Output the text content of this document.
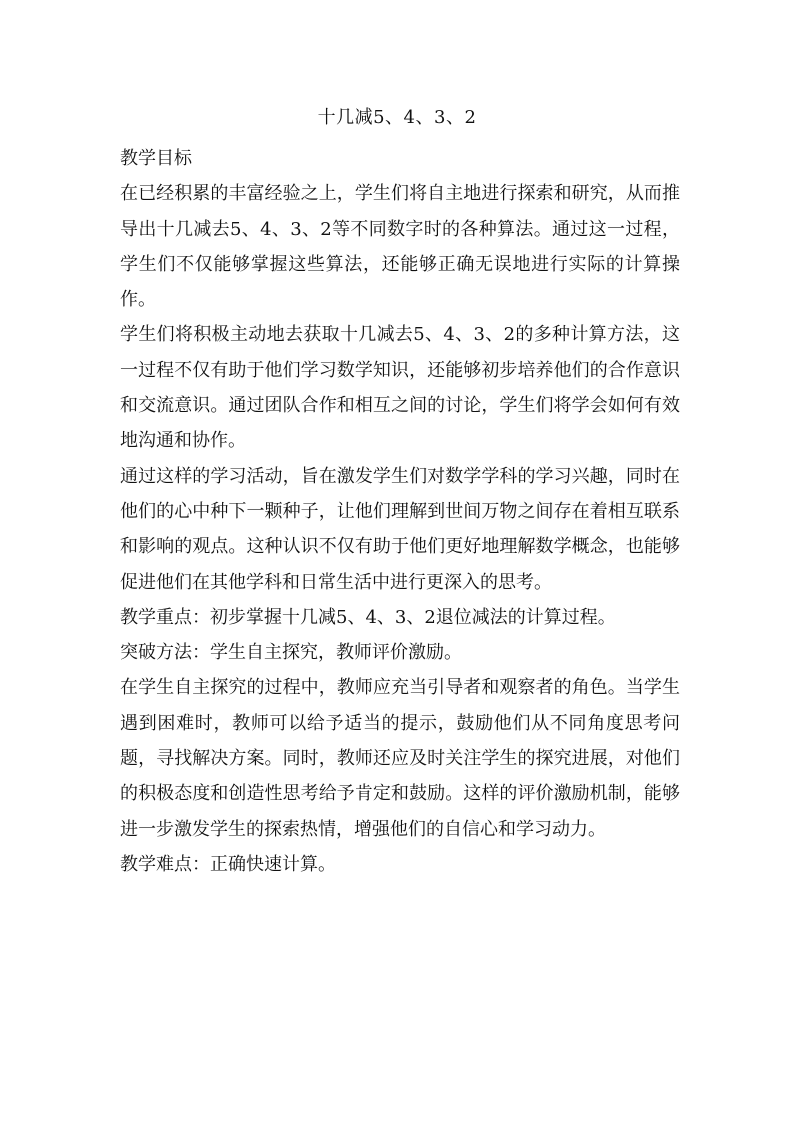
十几减5、4、3、2

教学目标

在已经积累的丰富经验之上，学生们将自主地进行探索和研究，从而推导出十几减去5、4、3、2等不同数字时的各种算法。通过这一过程，学生们不仅能够掌握这些算法，还能够正确无误地进行实际的计算操作。

学生们将积极主动地去获取十几减去5、4、3、2的多种计算方法，这一过程不仅有助于他们学习数学知识，还能够初步培养他们的合作意识和交流意识。通过团队合作和相互之间的讨论，学生们将学会如何有效地沟通和协作。

通过这样的学习活动，旨在激发学生们对数学学科的学习兴趣，同时在他们的心中种下一颗种子，让他们理解到世间万物之间存在着相互联系和影响的观点。这种认识不仅有助于他们更好地理解数学概念，也能够促进他们在其他学科和日常生活中进行更深入的思考。

教学重点：初步掌握十几减5、4、3、2退位减法的计算过程。

突破方法：学生自主探究，教师评价激励。

在学生自主探究的过程中，教师应充当引导者和观察者的角色。当学生遇到困难时，教师可以给予适当的提示，鼓励他们从不同角度思考问题，寻找解决方案。同时，教师还应及时关注学生的探究进展，对他们的积极态度和创造性思考给予肯定和鼓励。这样的评价激励机制，能够进一步激发学生的探索热情，增强他们的自信心和学习动力。

教学难点：正确快速计算。
